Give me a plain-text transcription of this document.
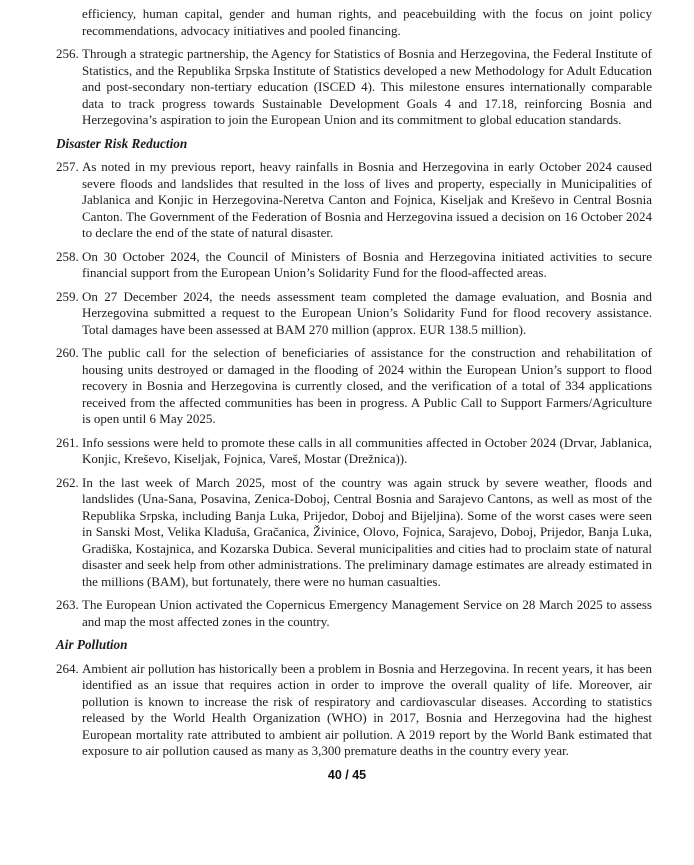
efficiency, human capital, gender and human rights, and peacebuilding with the focus on joint policy recommendations, advocacy initiatives and pooled financing.

256. Through a strategic partnership, the Agency for Statistics of Bosnia and Herzegovina, the Federal Institute of Statistics, and the Republika Srpska Institute of Statistics developed a new Methodology for Adult Education and post-secondary non-tertiary education (ISCED 4). This milestone ensures internationally comparable data to track progress towards Sustainable Development Goals 4 and 17.18, reinforcing Bosnia and Herzegovina’s aspiration to join the European Union and its commitment to global education standards.

Disaster Risk Reduction

257. As noted in my previous report, heavy rainfalls in Bosnia and Herzegovina in early October 2024 caused severe floods and landslides that resulted in the loss of lives and property, especially in Municipalities of Jablanica and Konjic in Herzegovina-Neretva Canton and Fojnica, Kiseljak and Kreševo in Central Bosnia Canton. The Government of the Federation of Bosnia and Herzegovina issued a decision on 16 October 2024 to declare the end of the state of natural disaster.

258. On 30 October 2024, the Council of Ministers of Bosnia and Herzegovina initiated activities to secure financial support from the European Union’s Solidarity Fund for the flood-affected areas.

259. On 27 December 2024, the needs assessment team completed the damage evaluation, and Bosnia and Herzegovina submitted a request to the European Union’s Solidarity Fund for flood recovery assistance. Total damages have been assessed at BAM 270 million (approx. EUR 138.5 million).

260. The public call for the selection of beneficiaries of assistance for the construction and rehabilitation of housing units destroyed or damaged in the flooding of 2024 within the European Union’s support to flood recovery in Bosnia and Herzegovina is currently closed, and the verification of a total of 334 applications received from the affected communities has been in progress. A Public Call to Support Farmers/Agriculture is open until 6 May 2025.

261. Info sessions were held to promote these calls in all communities affected in October 2024 (Drvar, Jablanica, Konjic, Kreševo, Kiseljak, Fojnica, Vareš, Mostar (Drežnica)).

262. In the last week of March 2025, most of the country was again struck by severe weather, floods and landslides (Una-Sana, Posavina, Zenica-Doboj, Central Bosnia and Sarajevo Cantons, as well as most of the Republika Srpska, including Banja Luka, Prijedor, Doboj and Bijeljina). Some of the worst cases were seen in Sanski Most, Velika Kladuša, Gračanica, Živinice, Olovo, Fojnica, Sarajevo, Doboj, Prijedor, Banja Luka, Gradiška, Kostajnica, and Kozarska Dubica. Several municipalities and cities had to proclaim state of natural disaster and seek help from other administrations. The preliminary damage estimates are already estimated in the millions (BAM), but fortunately, there were no human casualties.

263. The European Union activated the Copernicus Emergency Management Service on 28 March 2025 to assess and map the most affected zones in the country.

Air Pollution

264. Ambient air pollution has historically been a problem in Bosnia and Herzegovina. In recent years, it has been identified as an issue that requires action in order to improve the overall quality of life. Moreover, air pollution is known to increase the risk of respiratory and cardiovascular diseases. According to statistics released by the World Health Organization (WHO) in 2017, Bosnia and Herzegovina had the highest European mortality rate attributed to ambient air pollution. A 2019 report by the World Bank estimated that exposure to air pollution caused as many as 3,300 premature deaths in the country every year.

40 / 45
